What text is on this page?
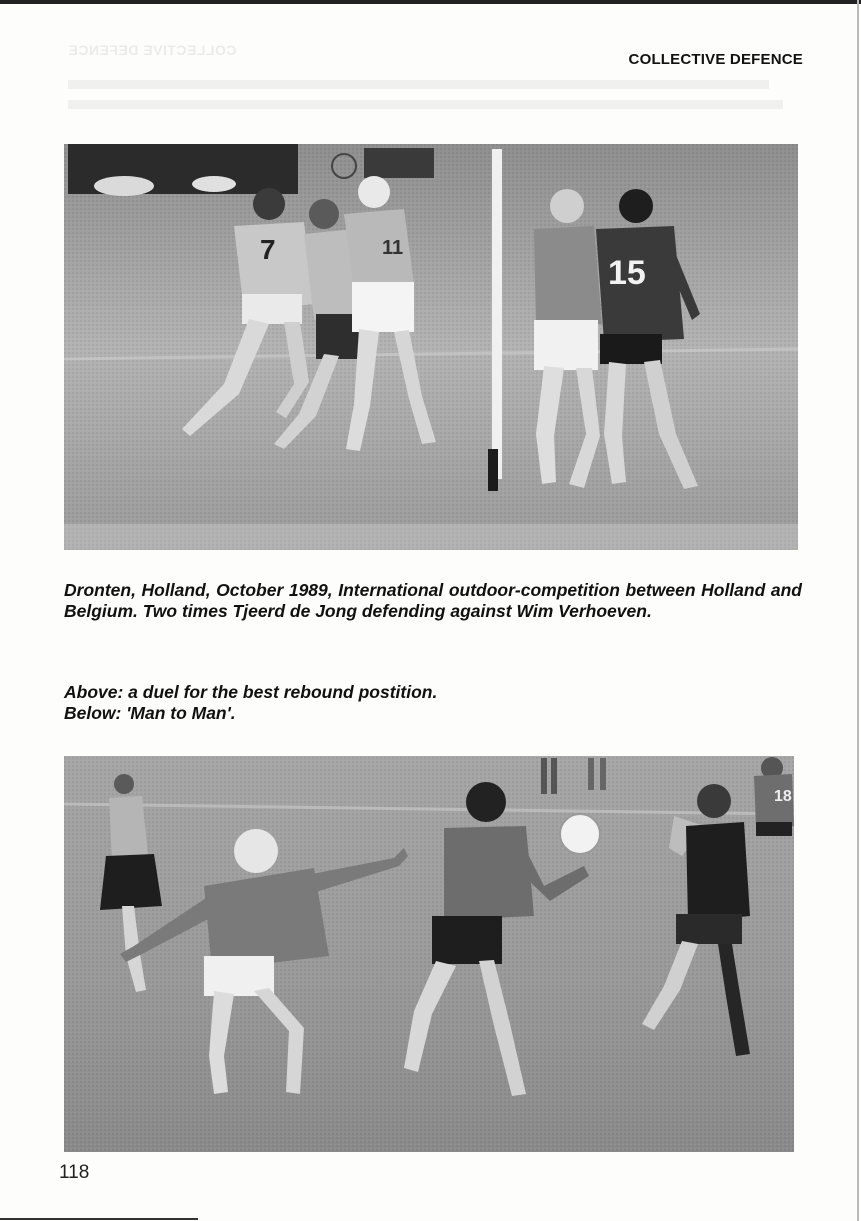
COLLECTIVE DEFENCE
COLLECTIVE DEFENCE
7	11
15
Dronten, Holland, October 1989, International outdoor-competition between Holland and Belgium. Two times Tjeerd de Jong defending against Wim Verhoeven.
Above: a duel for the best rebound postition.
Below: 'Man to Man'.
18
118
